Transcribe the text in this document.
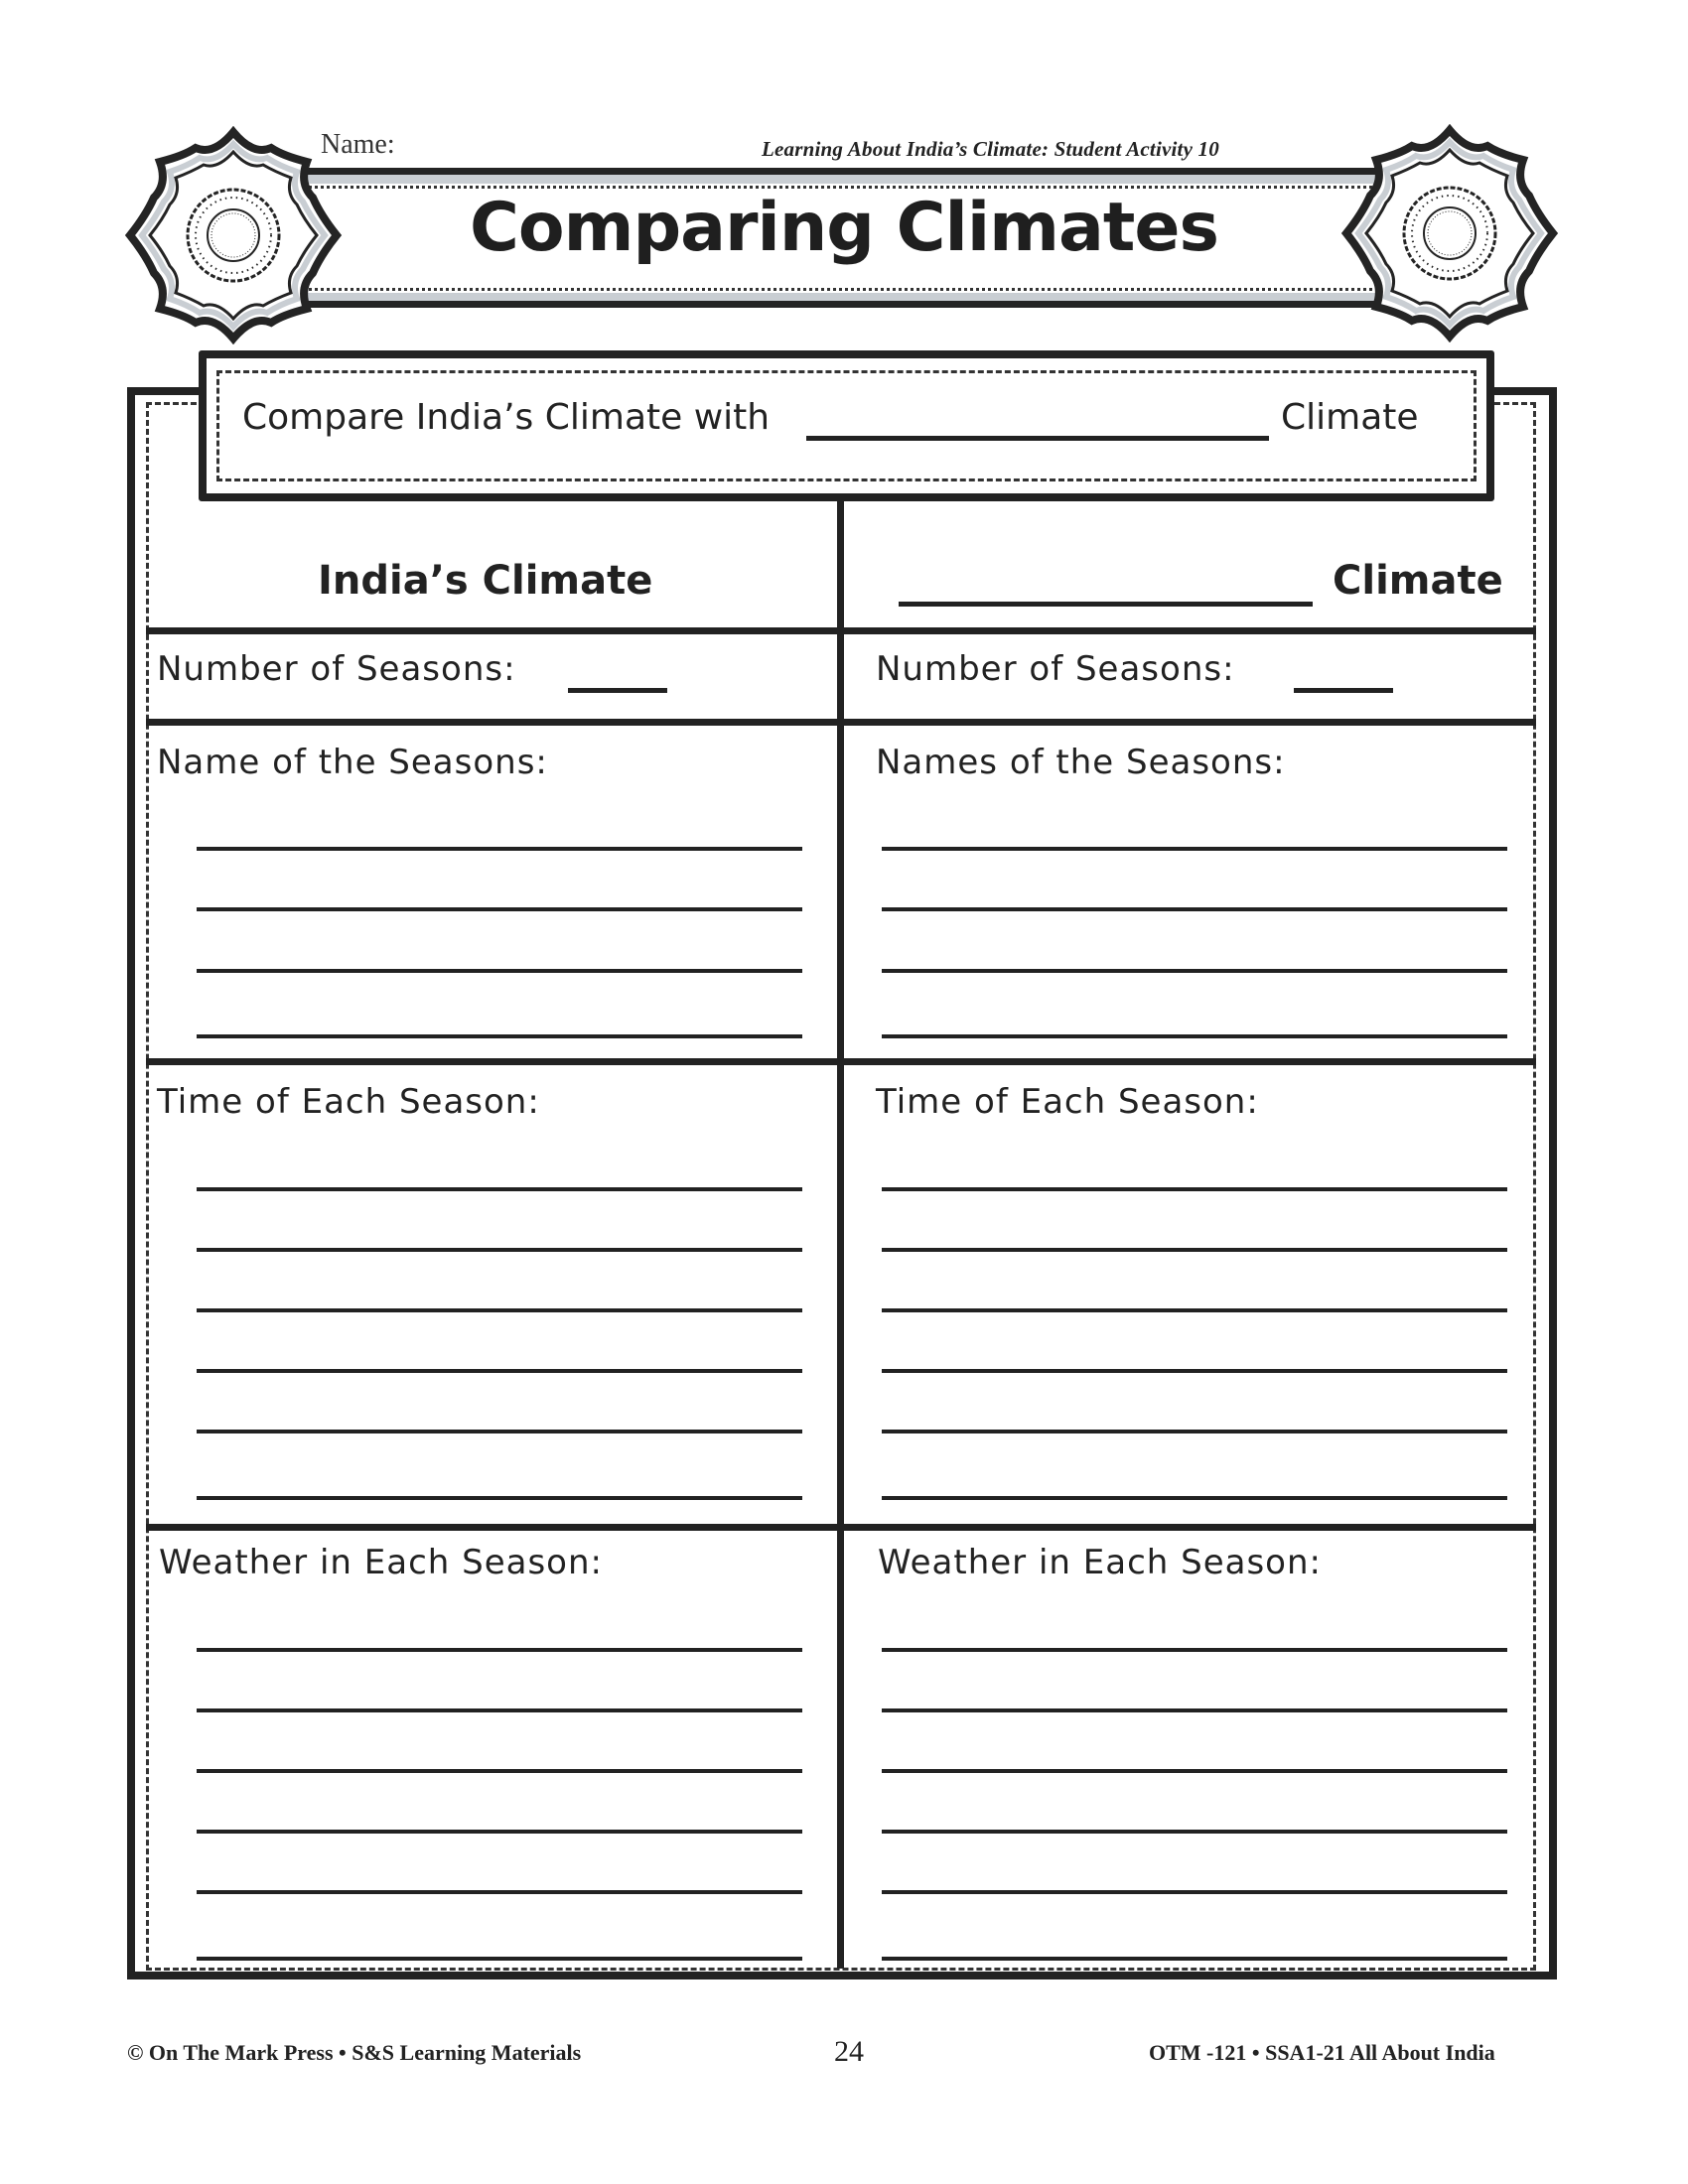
Name:	Learning About India’s Climate: Student Activity 10
Comparing Climates
Compare India’s Climate with	Climate
India’s Climate	Climate
Number of Seasons:	Number of Seasons:
Name of the Seasons:	Names of the Seasons:
Time of Each Season:	Time of Each Season:
Weather in Each Season:	Weather in Each Season:
© On The Mark Press • S&S Learning Materials	24	OTM -121 • SSA1-21 All About India
